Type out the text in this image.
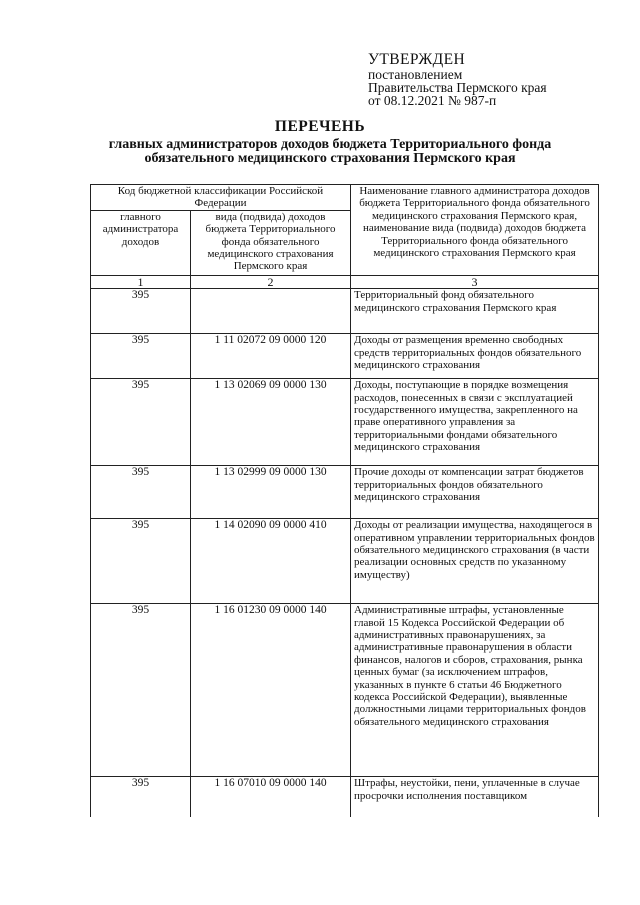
УТВЕРЖДЕН
постановлением
Правительства Пермского края
от 08.12.2021 № 987-п
ПЕРЕЧЕНЬ
главных администраторов доходов бюджета Территориального фонда обязательного медицинского страхования Пермского края
Код бюджетной классификации Российской Федерации		Наименование главного администратора доходов бюджета Территориального фонда обязательного медицинского страхования Пермского края, наименование вида (подвида) доходов бюджета Территориального фонда обязательного медицинского страхования Пермского края
главного администратора доходов	вида (подвида) доходов бюджета Территориального фонда обязательного медицинского страхования Пермского края	
1	2	3
395		Территориальный фонд обязательного медицинского страхования Пермского края
395	1 11 02072 09 0000 120	Доходы от размещения временно свободных средств территориальных фондов обязательного медицинского страхования
395	1 13 02069 09 0000 130	Доходы, поступающие в порядке возмещения расходов, понесенных в связи с эксплуатацией государственного имущества, закрепленного на праве оперативного управления за территориальными фондами обязательного медицинского страхования
395	1 13 02999 09 0000 130	Прочие доходы от компенсации затрат бюджетов территориальных фондов обязательного медицинского страхования
395	1 14 02090 09 0000 410	Доходы от реализации имущества, находящегося в оперативном управлении территориальных фондов обязательного медицинского страхования (в части реализации основных средств по указанному имуществу)
395	1 16 01230 09 0000 140	Административные штрафы, установленные главой 15 Кодекса Российской Федерации об административных правонарушениях, за административные правонарушения в области финансов, налогов и сборов, страхования, рынка ценных бумаг (за исключением штрафов, указанных в пункте 6 статьи 46 Бюджетного кодекса Российской Федерации), выявленные должностными лицами территориальных фондов обязательного медицинского страхования
395	1 16 07010 09 0000 140	Штрафы, неустойки, пени, уплаченные в случае просрочки исполнения поставщиком
